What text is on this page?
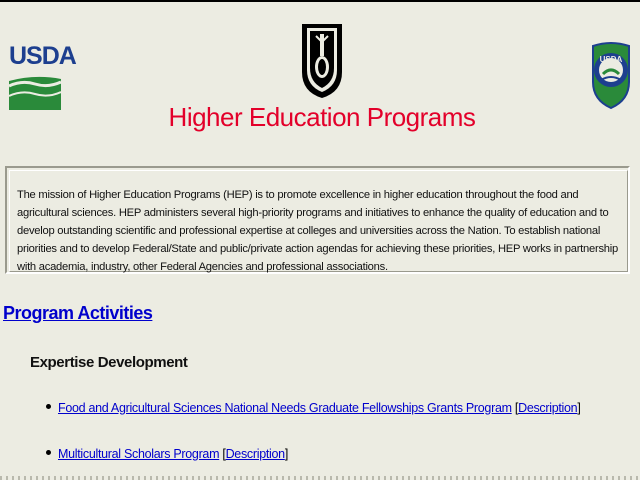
USDA	USDA
Higher Education Programs
The mission of Higher Education Programs (HEP) is to promote excellence in higher education throughout the food and agricultural sciences. HEP administers several high-priority programs and initiatives to enhance the quality of education and to develop outstanding scientific and professional expertise at colleges and universities across the Nation. To establish national priorities and to develop Federal/State and public/private action agendas for achieving these priorities, HEP works in partnership with academia, industry, other Federal Agencies and professional associations.
Program Activities
Expertise Development
Food and Agricultural Sciences National Needs Graduate Fellowships Grants Program [Description]
Multicultural Scholars Program [Description]
